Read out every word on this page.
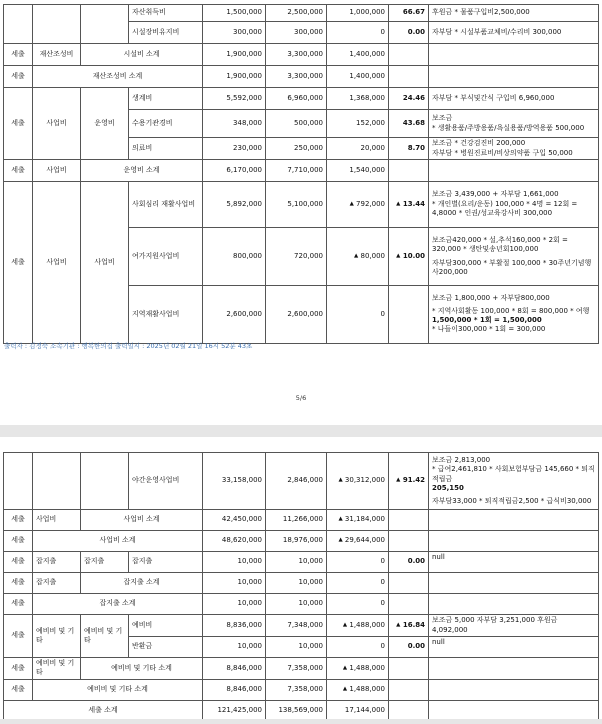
			자산취득비	1,500,000	2,500,000	1,000,000	66.67	후원금 * 물품구입비2,500,000
			시설장비유지비	300,000	300,000	0	0.00	자부담 * 시설부품교체비/수리비 300,000
세출	재산조성비	시설비 소계		1,900,000	3,300,000	1,400,000		
세출	재산조성비 소계			1,900,000	3,300,000	1,400,000		
세출	사업비	운영비	생계비	5,592,000	6,960,000	1,368,000	24.46	자부담 * 부식및간식 구입비 6,960,000
			수용기관경비	348,000	500,000	152,000	43.68	보조금
* 생활용품/주방용품/욕실용품/방역용품 500,000

			의료비	230,000	250,000	20,000	8.70	보조금 * 건강검진비 200,000
자부담 * 병원진료비/비상의약품 구입 50,000

세출	사업비	운영비 소계		6,170,000	7,710,000	1,540,000		
세출	사업비	사업비	사회심리 재활사업비	5,892,000	5,100,000	▲ 792,000	▲ 13.44	보조금 3,439,000 + 자부담 1,661,000
* 개인별(요리/운동) 100,000 * 4명 = 12회 = 4,8000 * 인권/성교육강사비 300,000

			여가지원사업비	800,000	720,000	▲ 80,000	▲ 10.00	보조금420,000 * 설,추석160,000 * 2회 = 320,000 * 생탄및송년회100,000
자부담300,000 * 부활절 100,000 * 30주년기념행사200,000

			지역재활사업비	2,600,000	2,600,000	0		보조금 1,800,000 + 자부담800,000
* 지역사회활동 100,000 * 8회 = 800,000 * 여행
1,500,000 * 1회 = 1,500,000
* 나들이300,000 * 1회 = 300,000
출력자 : 김정숙 소속기관 : 행복한의집 출력일시 : 2025년 02월 21일 16시 52분 43초
5/6
			야간운영사업비	33,158,000	2,846,000	▲ 30,312,000	▲ 91.42	보조금 2,813,000
* 급여2,461,810 * 사회보험부담금 145,660 * 퇴직적립금
205,150
자부담33,000 * 퇴직적립금2,500 * 급식비30,000

세출	사업비	사업비 소계		42,450,000	11,266,000	▲ 31,184,000		
세출	사업비 소계			48,620,000	18,976,000	▲ 29,644,000		
세출	잡지출	잡지출	잡지출	10,000	10,000	0	0.00	null
세출	잡지출	잡지출 소계		10,000	10,000	0		
세출	잡지출 소계			10,000	10,000	0		
세출	예비비 및 기타	예비비 및 기타	예비비	8,836,000	7,348,000	▲ 1,488,000	▲ 16.84	보조금 5,000 자부담 3,251,000 후원금 4,092,000
			반환금	10,000	10,000	0	0.00	null
세출	예비비 및 기타	예비비 및 기타 소계		8,846,000	7,358,000	▲ 1,488,000		
세출	예비비 및 기타 소계			8,846,000	7,358,000	▲ 1,488,000		
세출 소계				121,425,000	138,569,000	17,144,000		
